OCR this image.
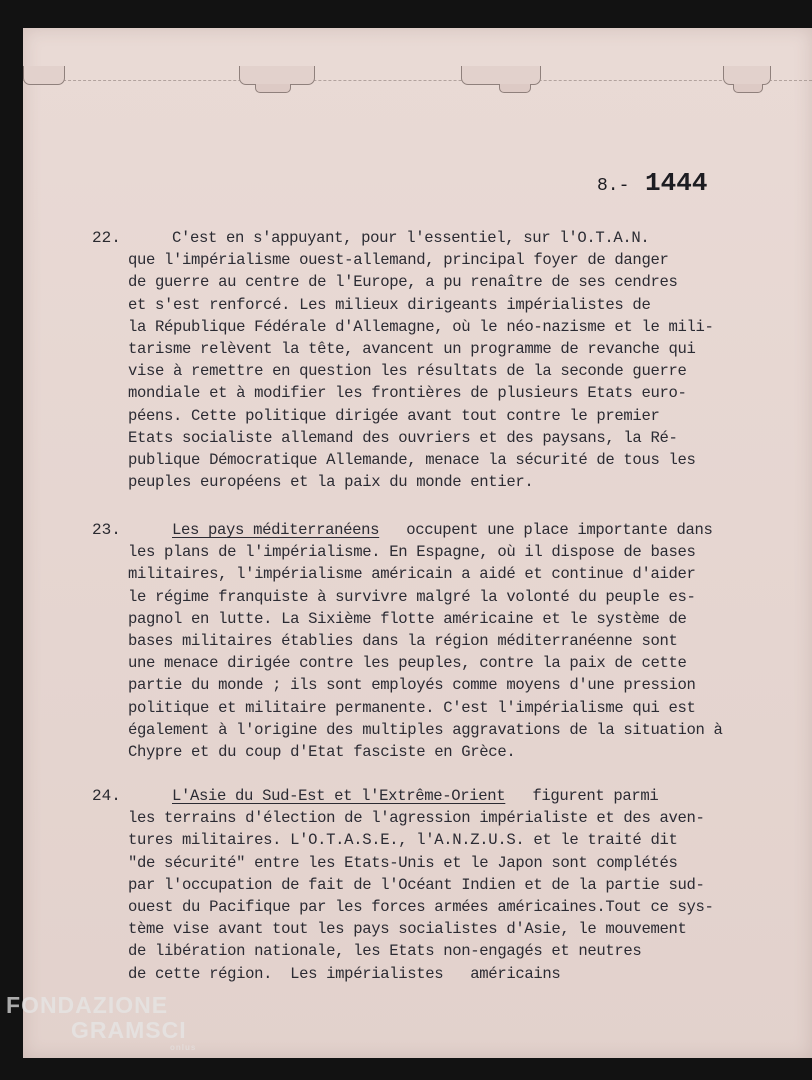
8.- 1444
22.	C'est en s'appuyant, pour l'essentiel, sur l'O.T.A.N.
que l'impérialisme ouest-allemand, principal foyer de danger
de guerre au centre de l'Europe, a pu renaître de ses cendres
et s'est renforcé. Les milieux dirigeants impérialistes de
la République Fédérale d'Allemagne, où le néo-nazisme et le mili-
tarisme relèvent la tête, avancent un programme de revanche qui
vise à remettre en question les résultats de la seconde guerre
mondiale et à modifier les frontières de plusieurs Etats euro-
péens. Cette politique dirigée avant tout contre le premier
Etats socialiste allemand des ouvriers et des paysans, la Ré-
publique Démocratique Allemande, menace la sécurité de tous les
peuples européens et la paix du monde entier.
23.	Les pays méditerranéens occupent une place importante dans
les plans de l'impérialisme. En Espagne, où il dispose de bases
militaires, l'impérialisme américain a aidé et continue d'aider
le régime franquiste à survivre malgré la volonté du peuple es-
pagnol en lutte. La Sixième flotte américaine et le système de
bases militaires établies dans la région méditerranéenne sont
une menace dirigée contre les peuples, contre la paix de cette
partie du monde ; ils sont employés comme moyens d'une pression
politique et militaire permanente. C'est l'impérialisme qui est
également à l'origine des multiples aggravations de la situation à
Chypre et du coup d'Etat fasciste en Grèce.
24.	L'Asie du Sud-Est et l'Extrême-Orient figurent parmi
les terrains d'élection de l'agression impérialiste et des aven-
tures militaires. L'O.T.A.S.E., l'A.N.Z.U.S. et le traité dit
"de sécurité" entre les Etats-Unis et le Japon sont complétés
par l'occupation de fait de l'Océant Indien et de la partie sud-
ouest du Pacifique par les forces armées américaines.Tout ce sys-
tème vise avant tout les pays socialistes d'Asie, le mouvement
de libération nationale, les Etats non-engagés et neutres
de cette région.  Les impérialistes   américains
FONDAZIONE
GRAMSCI
onlus
